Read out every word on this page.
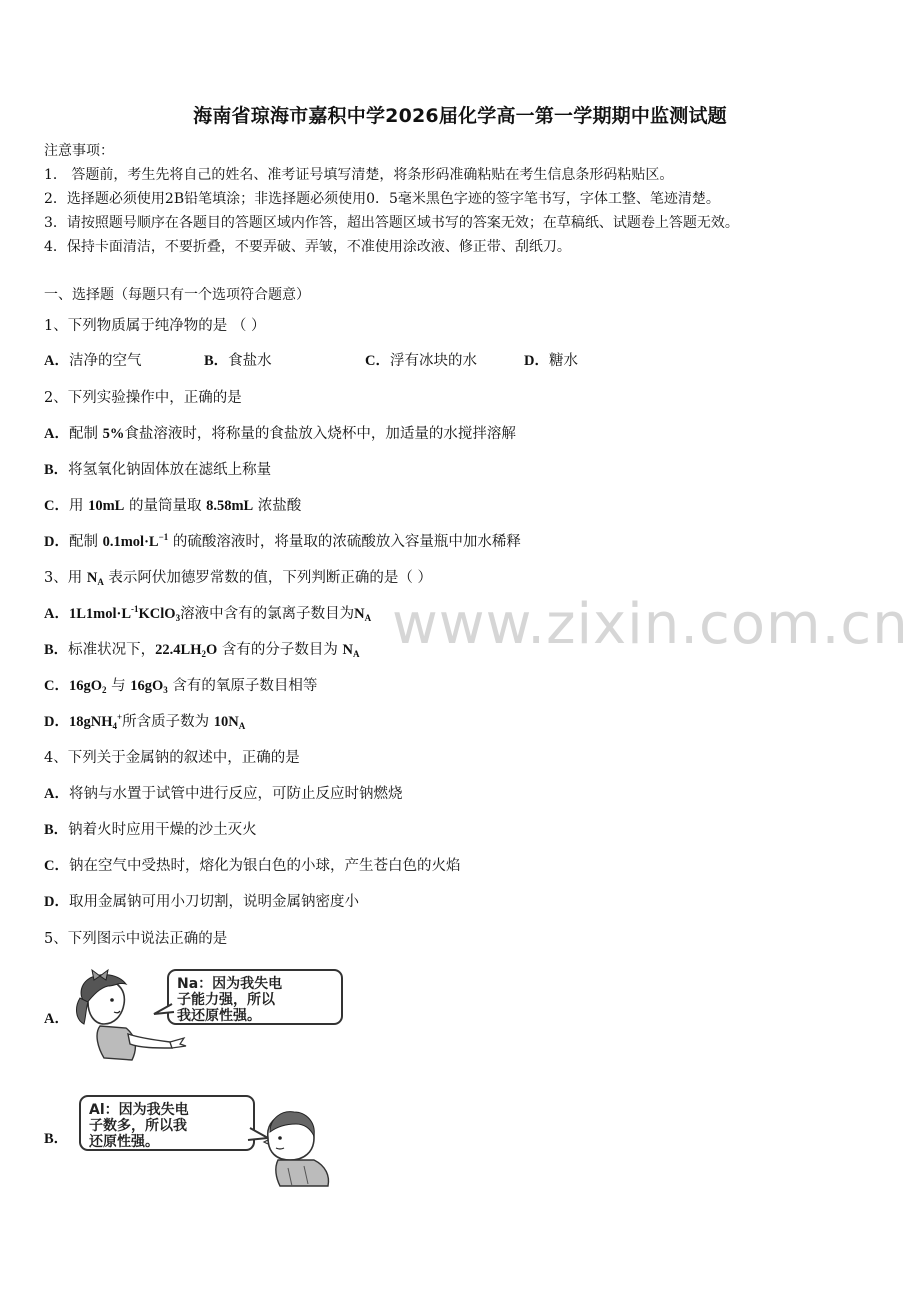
海南省琼海市嘉积中学2026届化学高一第一学期期中监测试题
注意事项：
1． 答题前，考生先将自己的姓名、准考证号填写清楚，将条形码准确粘贴在考生信息条形码粘贴区。
2．选择题必须使用2B铅笔填涂；非选择题必须使用0．5毫米黑色字迹的签字笔书写，字体工整、笔迹清楚。
3．请按照题号顺序在各题目的答题区域内作答，超出答题区域书写的答案无效；在草稿纸、试题卷上答题无效。
4．保持卡面清洁，不要折叠，不要弄破、弄皱，不准使用涂改液、修正带、刮纸刀。
一、选择题（每题只有一个选项符合题意）
1、下列物质属于纯净物的是 （ ）
A．洁净的空气	B．食盐水	C．浮有冰块的水	D．糖水
2、下列实验操作中，正确的是
A．配制 5%食盐溶液时，将称量的食盐放入烧杯中，加适量的水搅拌溶解
B．将氢氧化钠固体放在滤纸上称量
C．用 10mL 的量筒量取 8.58mL 浓盐酸
D．配制 $0.1mol\cdot L^{-1}$ 的硫酸溶液时，将量取的浓硫酸放入容量瓶中加水稀释
3、用 $N_A$ 表示阿伏加德罗常数的值，下列判断正确的是（ ）
A．$1L1mol\cdot L^{-1}KClO_3$溶液中含有的氯离子数目为$N_A$
B．标准状况下，$22.4LH_2O$ 含有的分子数目为 $N_A$
C．$16gO_2$ 与 $16gO_3$ 含有的氧原子数目相等
D．18gNH$_4$+所含质子数为 $10N_A$
4、下列关于金属钠的叙述中，正确的是
A．将钠与水置于试管中进行反应，可防止反应时钠燃烧
B．钠着火时应用干燥的沙土灭火
C．钠在空气中受热时，熔化为银白色的小球，产生苍白色的火焰
D．取用金属钠可用小刀切割，说明金属钠密度小
5、下列图示中说法正确的是
A．
B．
Na：因为我失电
子能力强，所以
我还原性强。
Al：因为我失电
子数多，所以我
还原性强。
www.zixin.com.cn
